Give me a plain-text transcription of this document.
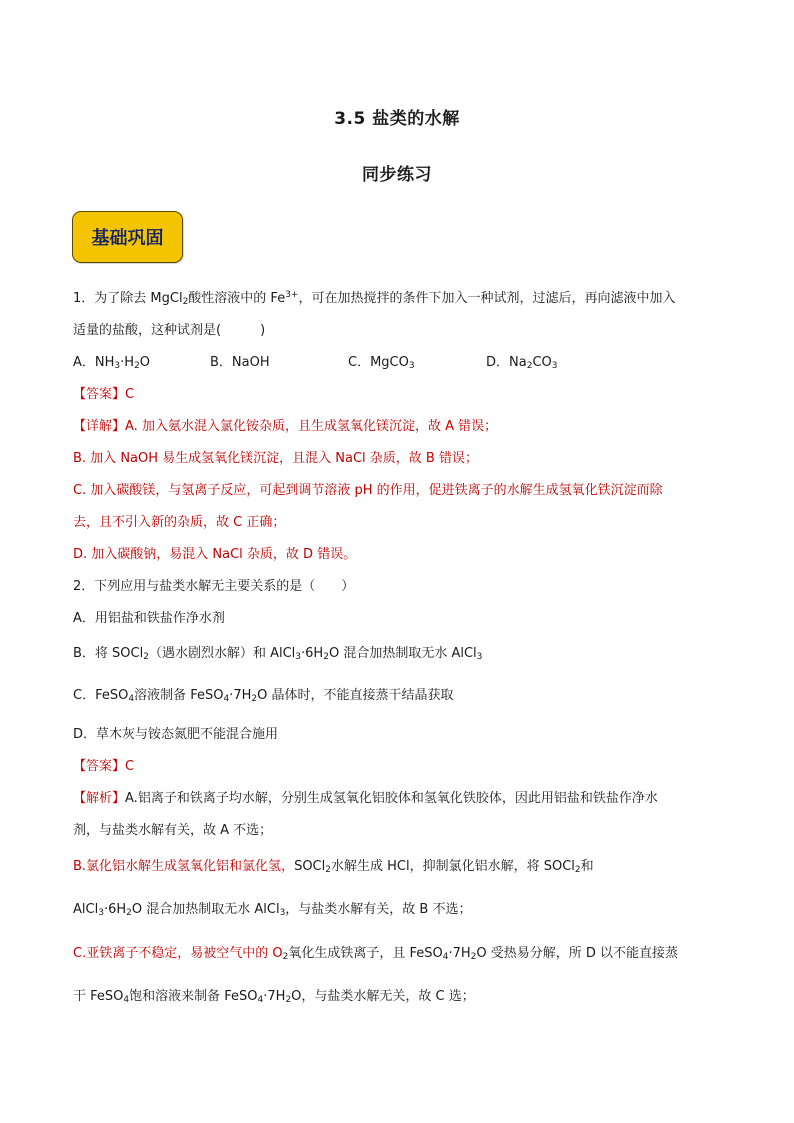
3.5 盐类的水解
同步练习
基础巩固
1．为了除去 MgCl$_2$酸性溶液中的 $Fe^{3+}$，可在加热搅拌的条件下加入一种试剂，过滤后，再向滤液中加入
适量的盐酸，这种试剂是(　　　)
A．$NH_3\cdot H_2O$	B．NaOH	C．MgCO$_3$	D．$Na_2CO_3$
【答案】C
【详解】A. 加入氨水混入氯化铵杂质，且生成氢氧化镁沉淀，故 A 错误；
B. 加入 NaOH 易生成氢氧化镁沉淀，且混入 NaCl 杂质，故 B 错误；
C. 加入碳酸镁，与氢离子反应，可起到调节溶液 pH 的作用，促进铁离子的水解生成氢氧化铁沉淀而除
去，且不引入新的杂质，故 C 正确；
D. 加入碳酸钠，易混入 NaCl 杂质，故 D 错误。
2．下列应用与盐类水解无主要关系的是（　　）
A．用铝盐和铁盐作净水剂
B．将 SOCl$_2$（遇水剧烈水解）和 $AlCl_3\cdot 6H_2O$ 混合加热制取无水 AlCl$_3$
C．FeSO$_4$溶液制备 $FeSO_4\cdot 7H_2O$ 晶体时，不能直接蒸干结晶获取
D．草木灰与铵态氮肥不能混合施用
【答案】C
【解析】A.铝离子和铁离子均水解，分别生成氢氧化铝胶体和氢氧化铁胶体，因此用铝盐和铁盐作净水
剂，与盐类水解有关，故 A 不选；
B.氯化铝水解生成氢氧化铝和氯化氢，SOCl$_2$水解生成 HCl，抑制氯化铝水解，将 SOCl$_2$和
$AlCl_3\cdot 6H_2O$ 混合加热制取无水 AlCl$_3$，与盐类水解有关，故 B 不选；
C.亚铁离子不稳定，易被空气中的 $O_2$氧化生成铁离子，且 $FeSO_4\cdot 7H_2O$ 受热易分解，所 D 以不能直接蒸
干 FeSO$_4$饱和溶液来制备 $FeSO_4\cdot 7H_2O$，与盐类水解无关，故 C 选；
